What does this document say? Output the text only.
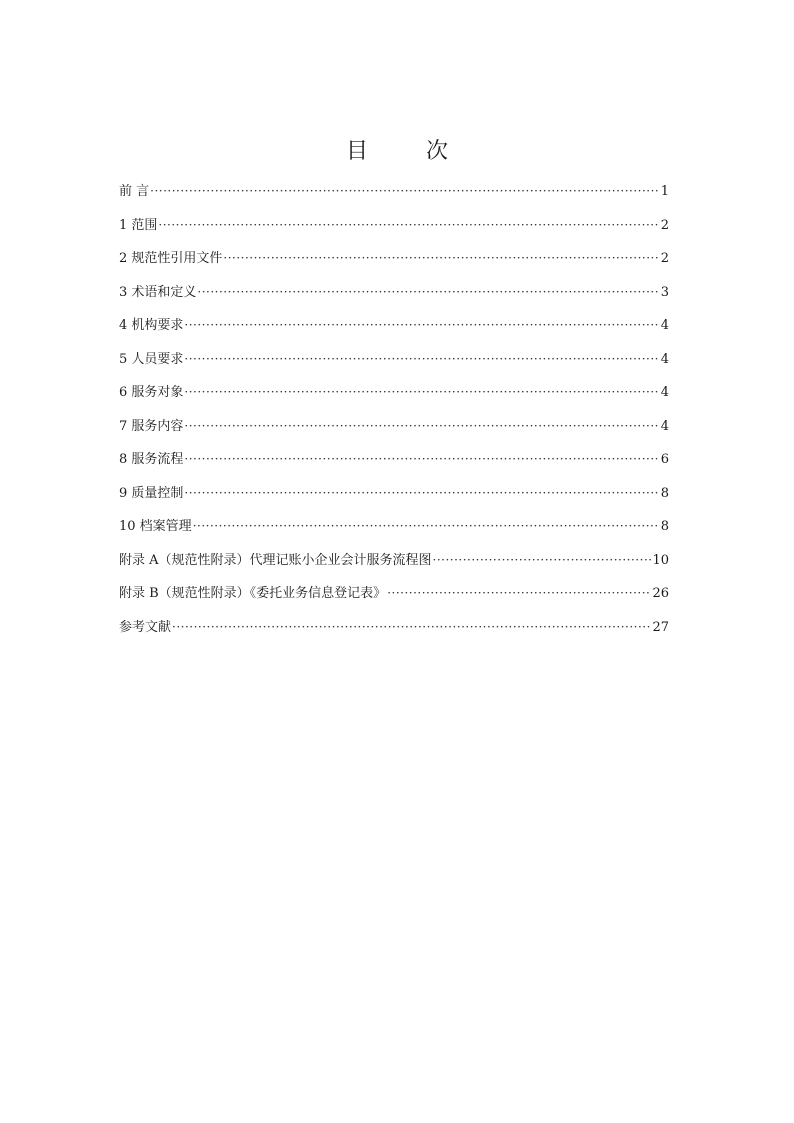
目　次
前 言 ·····	1
1 范围 ·····	2
2 规范性引用文件 ·····	2
3 术语和定义 ·····	3
4 机构要求 ·····	4
5 人员要求 ·····	4
6 服务对象 ·····	4
7 服务内容 ·····	4
8 服务流程 ·····	6
9 质量控制 ·····	8
10 档案管理 ·····	8
附录 A（规范性附录）代理记账小企业会计服务流程图 ·····	10
附录 B（规范性附录）《委托业务信息登记表》 ·····	26
参考文献 ·····	27
